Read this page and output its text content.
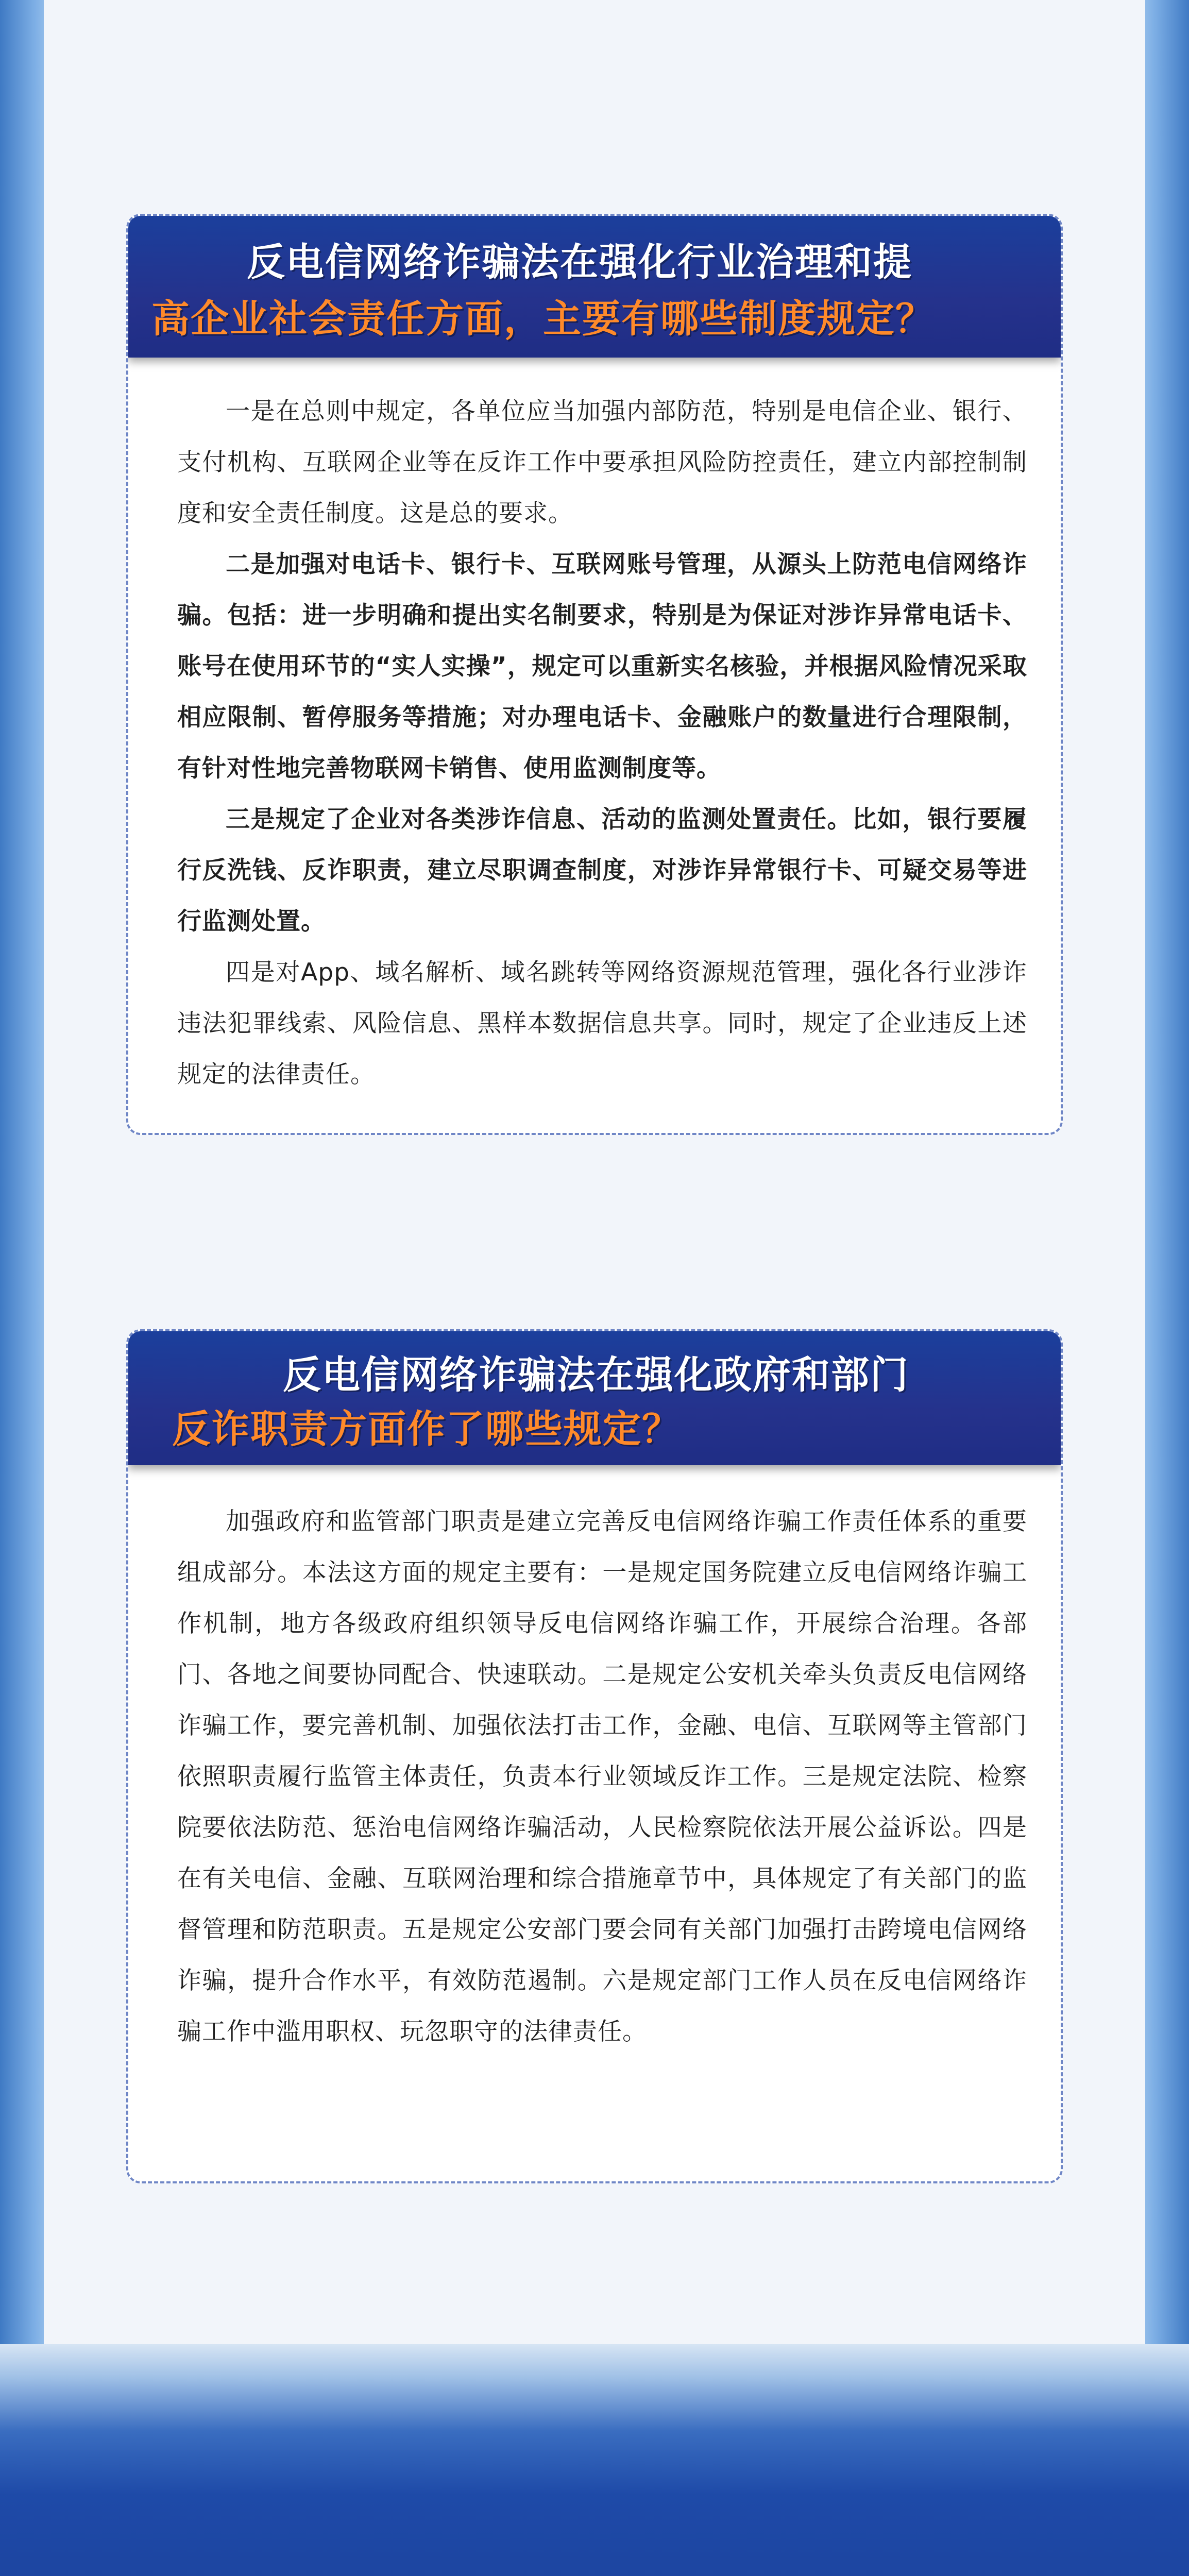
反电信网络诈骗法在强化行业治理和提
高企业社会责任方面，主要有哪些制度规定？

一是在总则中规定，各单位应当加强内部防范，特别是电信企业、银行、支付机构、互联网企业等在反诈工作中要承担风险防控责任，建立内部控制制度和安全责任制度。这是总的要求。

二是加强对电话卡、银行卡、互联网账号管理，从源头上防范电信网络诈骗。包括：进一步明确和提出实名制要求，特别是为保证对涉诈异常电话卡、账号在使用环节的“实人实操”，规定可以重新实名核验，并根据风险情况采取相应限制、暂停服务等措施；对办理电话卡、金融账户的数量进行合理限制，有针对性地完善物联网卡销售、使用监测制度等。

三是规定了企业对各类涉诈信息、活动的监测处置责任。比如，银行要履行反洗钱、反诈职责，建立尽职调查制度，对涉诈异常银行卡、可疑交易等进行监测处置。

四是对App、域名解析、域名跳转等网络资源规范管理，强化各行业涉诈违法犯罪线索、风险信息、黑样本数据信息共享。同时，规定了企业违反上述规定的法律责任。

反电信网络诈骗法在强化政府和部门
反诈职责方面作了哪些规定？

加强政府和监管部门职责是建立完善反电信网络诈骗工作责任体系的重要组成部分。本法这方面的规定主要有：一是规定国务院建立反电信网络诈骗工作机制，地方各级政府组织领导反电信网络诈骗工作，开展综合治理。各部门、各地之间要协同配合、快速联动。二是规定公安机关牵头负责反电信网络诈骗工作，要完善机制、加强依法打击工作，金融、电信、互联网等主管部门依照职责履行监管主体责任，负责本行业领域反诈工作。三是规定法院、检察院要依法防范、惩治电信网络诈骗活动，人民检察院依法开展公益诉讼。四是在有关电信、金融、互联网治理和综合措施章节中，具体规定了有关部门的监督管理和防范职责。五是规定公安部门要会同有关部门加强打击跨境电信网络诈骗，提升合作水平，有效防范遏制。六是规定部门工作人员在反电信网络诈骗工作中滥用职权、玩忽职守的法律责任。
